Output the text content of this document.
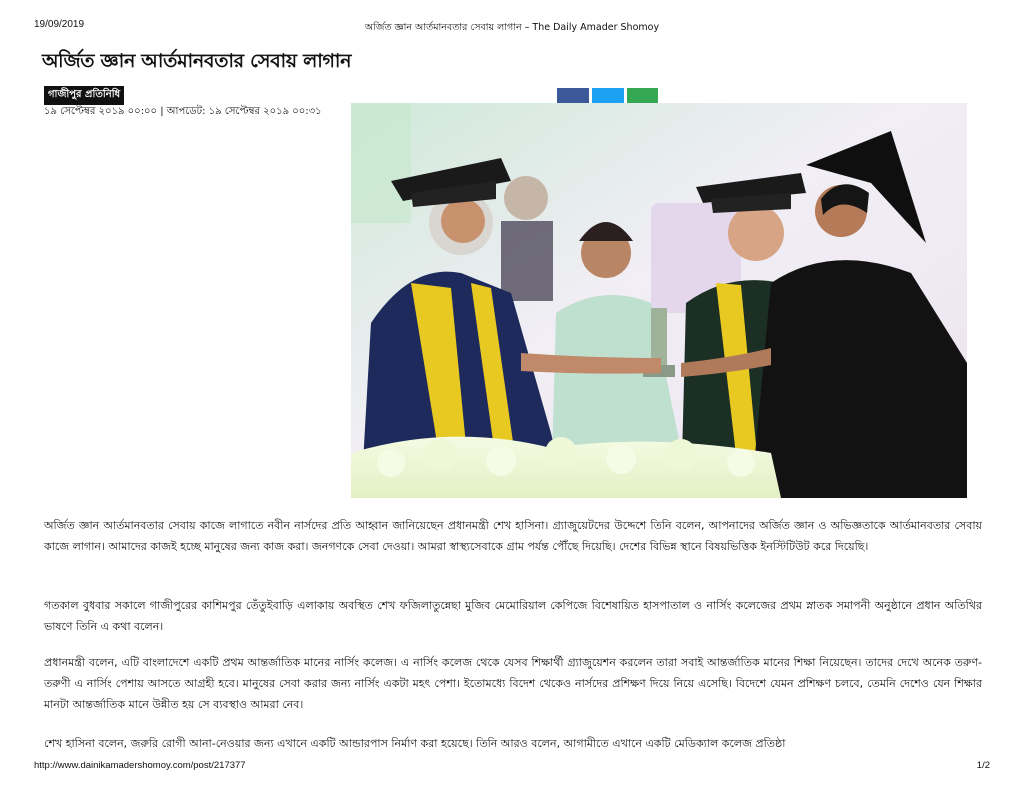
19/09/2019	অর্জিত জ্ঞান আর্তমানবতার সেবায় লাগান – The Daily Amader Shomoy
অর্জিত জ্ঞান আর্তমানবতার সেবায় লাগান
গাজীপুর প্রতিনিধি
১৯ সেপ্টেম্বর ২০১৯ ০০:০০ | আপডেট: ১৯ সেপ্টেম্বর ২০১৯ ০০:৩১
অর্জিত জ্ঞান আর্তমানবতার সেবায় কাজে লাগাতে নবীন নার্সদের প্রতি আহ্বান জানিয়েছেন প্রধানমন্ত্রী শেখ হাসিনা। গ্র্যাজুয়েটদের উদ্দেশে তিনি বলেন, আপনাদের অর্জিত জ্ঞান ও অভিজ্ঞতাকে আর্তমানবতার সেবায় কাজে লাগান। আমাদের কাজই হচ্ছে মানুষের জন্য কাজ করা। জনগণকে সেবা দেওয়া। আমরা স্বাস্থ্যসেবাকে গ্রাম পর্যন্ত পৌঁছে দিয়েছি। দেশের বিভিন্ন স্থানে বিষয়ভিত্তিক ইনস্টিটিউট করে দিয়েছি।
গতকাল বুধবার সকালে গাজীপুরের কাশিমপুর তেঁতুইবাড়ি এলাকায় অবস্থিত শেখ ফজিলাতুন্নেছা মুজিব মেমোরিয়াল কেপিজে বিশেষায়িত হাসপাতাল ও নার্সিং কলেজের প্রথম স্নাতক সমাপনী অনুষ্ঠানে প্রধান অতিথির ভাষণে তিনি এ কথা বলেন।
প্রধানমন্ত্রী বলেন, এটি বাংলাদেশে একটি প্রথম আন্তর্জাতিক মানের নার্সিং কলেজ। এ নার্সিং কলেজ থেকে যেসব শিক্ষার্থী গ্র্যাজুয়েশন করলেন তারা সবাই আন্তর্জাতিক মানের শিক্ষা নিয়েছেন। তাদের দেখে অনেক তরুণ-তরুণী এ নার্সিং পেশায় আসতে আগ্রহী হবে। মানুষের সেবা করার জন্য নার্সিং একটা মহৎ পেশা। ইতোমধ্যে বিদেশ থেকেও নার্সদের প্রশিক্ষণ দিয়ে নিয়ে এসেছি। বিদেশে যেমন প্রশিক্ষণ চলবে, তেমনি দেশেও যেন শিক্ষার মানটা আন্তর্জাতিক মানে উন্নীত হয় সে ব্যবস্থাও আমরা নেব।
শেখ হাসিনা বলেন, জরুরি রোগী আনা-নেওয়ার জন্য এখানে একটি আন্ডারপাস নির্মাণ করা হয়েছে। তিনি আরও বলেন, আগামীতে এখানে একটি মেডিক্যাল কলেজ প্রতিষ্ঠা
http://www.dainikamadershomoy.com/post/217377	1/2
